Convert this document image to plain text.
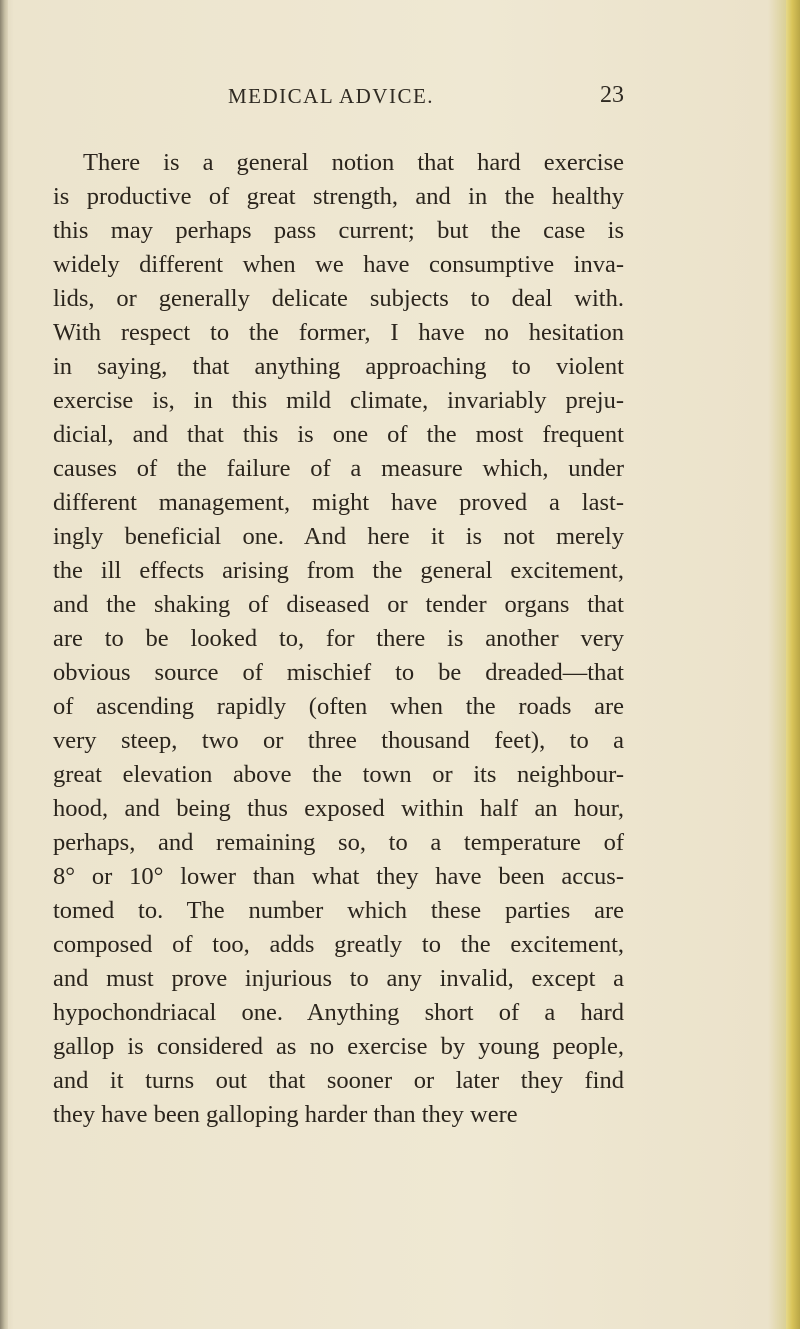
MEDICAL ADVICE.	23
There is a general notion that hard exercise
is productive of great strength, and in the healthy
this may perhaps pass current; but the case is
widely different when we have consumptive inva-
lids, or generally delicate subjects to deal with.
With respect to the former, I have no hesitation
in saying, that anything approaching to violent
exercise is, in this mild climate, invariably preju-
dicial, and that this is one of the most frequent
causes of the failure of a measure which, under
different management, might have proved a last-
ingly beneficial one. And here it is not merely
the ill effects arising from the general excitement,
and the shaking of diseased or tender organs that
are to be looked to, for there is another very
obvious source of mischief to be dreaded—that
of ascending rapidly (often when the roads are
very steep, two or three thousand feet), to a
great elevation above the town or its neighbour-
hood, and being thus exposed within half an hour,
perhaps, and remaining so, to a temperature of
8° or 10° lower than what they have been accus-
tomed to. The number which these parties are
composed of too, adds greatly to the excitement,
and must prove injurious to any invalid, except a
hypochondriacal one. Anything short of a hard
gallop is considered as no exercise by young people,
and it turns out that sooner or later they find
they have been galloping harder than they were
